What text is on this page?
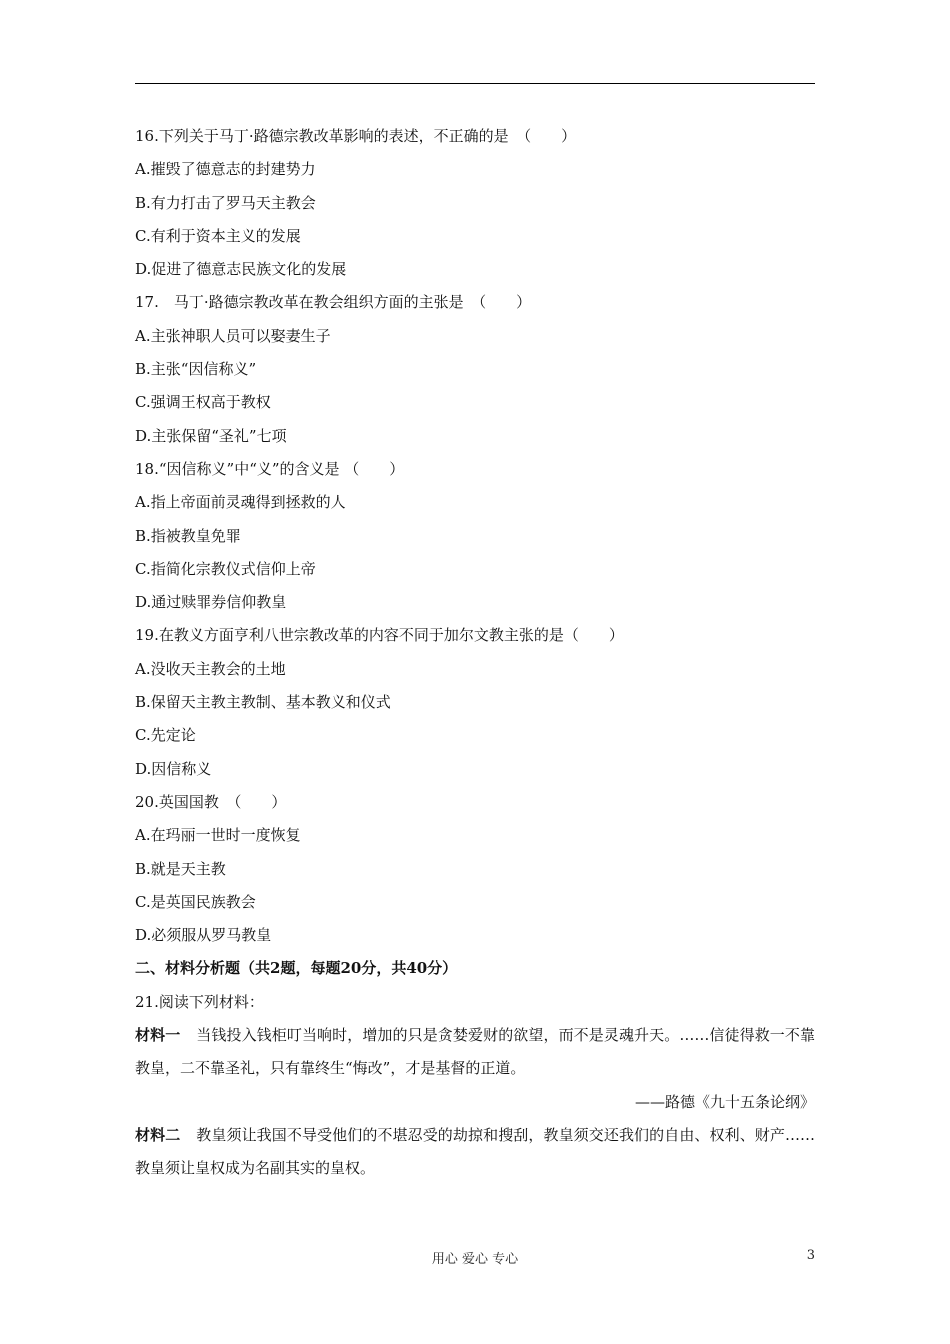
16.下列关于马丁·路德宗教改革影响的表述，不正确的是　（　　）
A.摧毁了德意志的封建势力
B.有力打击了罗马天主教会
C.有利于资本主义的发展
D.促进了德意志民族文化的发展
17.　马丁·路德宗教改革在教会组织方面的主张是　（　　）
A.主张神职人员可以娶妻生子
B.主张“因信称义”
C.强调王权高于教权
D.主张保留“圣礼”七项
18.“因信称义”中“义”的含义是 （　　）
A.指上帝面前灵魂得到拯救的人
B.指被教皇免罪
C.指简化宗教仪式信仰上帝
D.通过赎罪券信仰教皇
19.在教义方面亨利八世宗教改革的内容不同于加尔文教主张的是（　　）
A.没收天主教会的土地
B.保留天主教主教制、基本教义和仪式
C.先定论
D.因信称义
20.英国国教　（　　）
A.在玛丽一世时一度恢复
B.就是天主教
C.是英国民族教会
D.必须服从罗马教皇
二、材料分析题（共2题，每题20分，共40分）
21.阅读下列材料：
材料一 当钱投入钱柜叮当响时，增加的只是贪婪爱财的欲望，而不是灵魂升天。……信徒得救一不靠教皇，二不靠圣礼，只有靠终生“悔改”，才是基督的正道。
——路德《九十五条论纲》
材料二 教皇须让我国不导受他们的不堪忍受的劫掠和搜刮，教皇须交还我们的自由、权利、财产……教皇须让皇权成为名副其实的皇权。
用心 爱心 专心	3
